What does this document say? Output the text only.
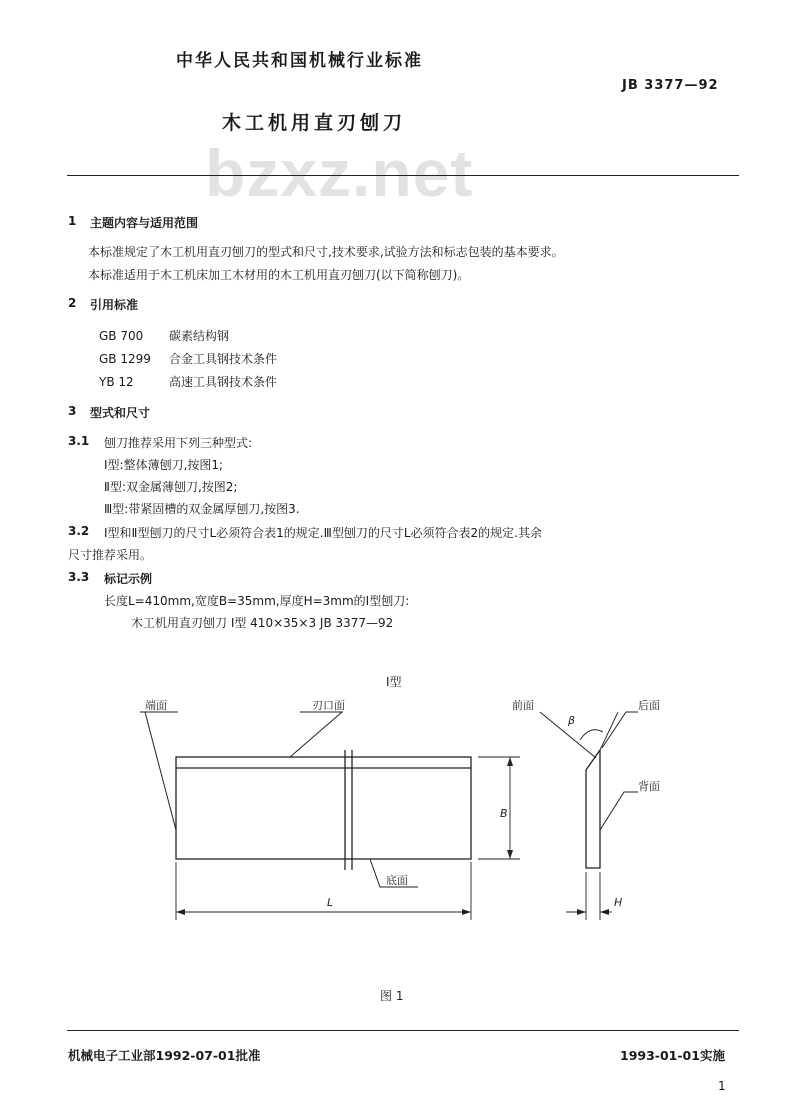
中华人民共和国机械行业标准
JB 3377—92
木工机用直刃刨刀
bzxz.net
1 主题内容与适用范围
本标准规定了木工机用直刃刨刀的型式和尺寸,技术要求,试验方法和标志包装的基本要求。
本标准适用于木工机床加工木材用的木工机用直刃刨刀(以下简称刨刀)。
2 引用标准
GB 700 碳素结构钢
GB 1299 合金工具钢技术条件
YB 12	高速工具钢技术条件
3 型式和尺寸
3.1 刨刀推荐采用下列三种型式:
Ⅰ型:整体薄刨刀,按图1;
Ⅱ型:双金属薄刨刀,按图2;
Ⅲ型:带紧固槽的双金属厚刨刀,按图3.
3.2 Ⅰ型和Ⅱ型刨刀的尺寸L必须符合表1的规定.Ⅲ型刨刀的尺寸L必须符合表2的规定.其余
尺寸推荐采用。
3.3 标记示例
长度L=410mm,宽度B=35mm,厚度H=3mm的Ⅰ型刨刀:
木工机用直刃刨刀 Ⅰ型 410×35×3 JB 3377—92
Ⅰ型
端面	刃口面
底面
B
L
前面
β
后面
背面
H
图 1
机械电子工业部1992-07-01批准	1993-01-01实施
1
